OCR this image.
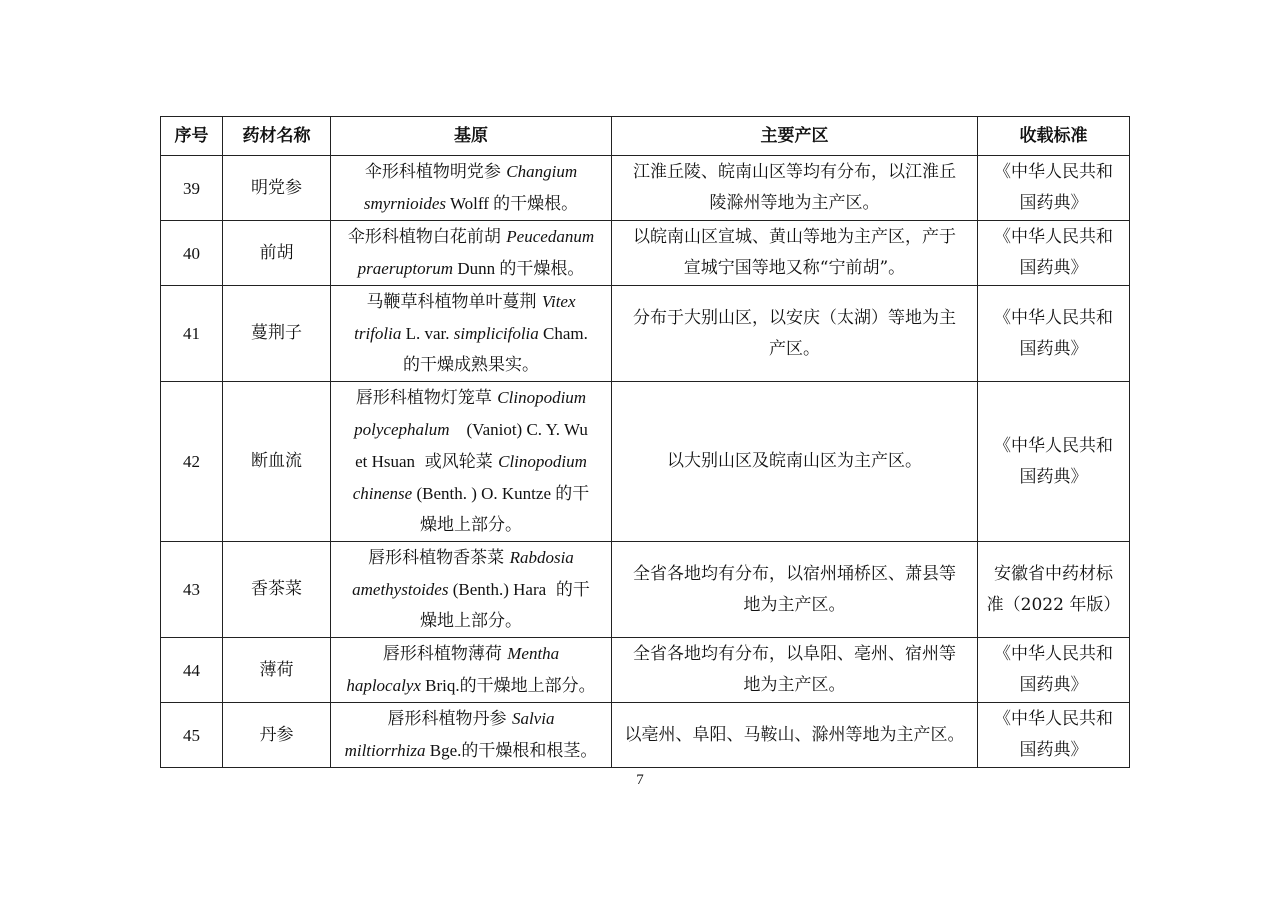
序号	药材名称	基原	主要产区	收载标准
39	明党参	伞形科植物明党参 Changium
smyrnioides Wolff 的干燥根。	江淮丘陵、皖南山区等均有分布，以江淮丘
陵滁州等地为主产区。	《中华人民共和
国药典》

40	前胡	伞形科植物白花前胡 Peucedanum
praeruptorum Dunn 的干燥根。	以皖南山区宣城、黄山等地为主产区，产于
宣城宁国等地又称“宁前胡”。	《中华人民共和
国药典》

41	蔓荆子	马鞭草科植物单叶蔓荆 Vitex
trifolia L. var. simplicifolia Cham.
的干燥成熟果实。	分布于大别山区，以安庆（太湖）等地为主
产区。	《中华人民共和
国药典》

42	断血流	唇形科植物灯笼草 Clinopodium
polycephalum    (Vaniot) C. Y. Wu
et Hsuan  或风轮菜 Clinopodium
chinense (Benth. ) O. Kuntze 的干
燥地上部分。	以大别山区及皖南山区为主产区。	《中华人民共和
国药典》

43	香茶菜	唇形科植物香茶菜 Rabdosia
amethystoides (Benth.) Hara  的干
燥地上部分。	全省各地均有分布，以宿州埇桥区、萧县等
地为主产区。	安徽省中药材标
准（2022 年版）

44	薄荷	唇形科植物薄荷 Mentha
haplocalyx Briq.的干燥地上部分。	全省各地均有分布，以阜阳、亳州、宿州等
地为主产区。	《中华人民共和
国药典》

45	丹参	唇形科植物丹参 Salvia
miltiorrhiza Bge.的干燥根和根茎。	以亳州、阜阳、马鞍山、滁州等地为主产区。	《中华人民共和
国药典》
7
